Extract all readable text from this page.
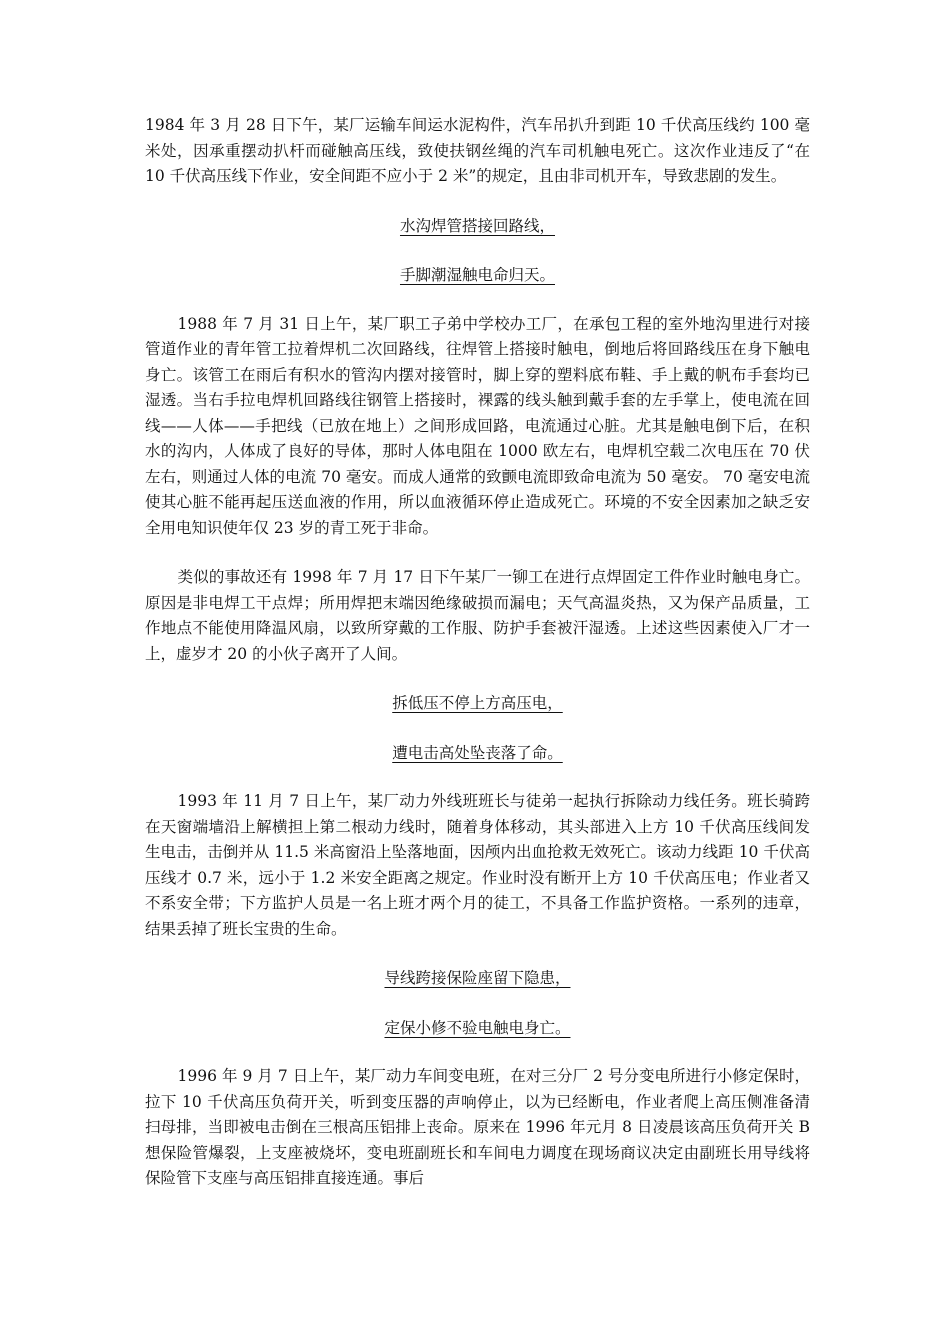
1984 年 3 月 28 日下午，某厂运输车间运水泥构件，汽车吊扒升到距 10 千伏高压线约 100 毫米处，因承重摆动扒杆而碰触高压线，致使扶钢丝绳的汽车司机触电死亡。这次作业违反了“在 10 千伏高压线下作业，安全间距不应小于 2 米”的规定，且由非司机开车，导致悲剧的发生。

水沟焊管搭接回路线，

手脚潮湿触电命归天。

1988 年 7 月 31 日上午，某厂职工子弟中学校办工厂，在承包工程的室外地沟里进行对接管道作业的青年管工拉着焊机二次回路线，往焊管上搭接时触电，倒地后将回路线压在身下触电身亡。该管工在雨后有积水的管沟内摆对接管时，脚上穿的塑料底布鞋、手上戴的帆布手套均已湿透。当右手拉电焊机回路线往钢管上搭接时，裸露的线头触到戴手套的左手掌上，使电流在回线——人体——手把线（已放在地上）之间形成回路，电流通过心脏。尤其是触电倒下后，在积水的沟内，人体成了良好的导体，那时人体电阻在 1000 欧左右，电焊机空载二次电压在 70 伏左右，则通过人体的电流 70 毫安。而成人通常的致颤电流即致命电流为 50 毫安。 70 毫安电流使其心脏不能再起压送血液的作用，所以血液循环停止造成死亡。环境的不安全因素加之缺乏安全用电知识使年仅 23 岁的青工死于非命。

类似的事故还有 1998 年 7 月 17 日下午某厂一铆工在进行点焊固定工件作业时触电身亡。原因是非电焊工干点焊；所用焊把末端因绝缘破损而漏电；天气高温炎热，又为保产品质量，工作地点不能使用降温风扇，以致所穿戴的工作服、防护手套被汗湿透。上述这些因素使入厂才一上，虚岁才 20 的小伙子离开了人间。

拆低压不停上方高压电，

遭电击高处坠丧落了命。

1993 年 11 月 7 日上午，某厂动力外线班班长与徒弟一起执行拆除动力线任务。班长骑跨在天窗端墙沿上解横担上第二根动力线时，随着身体移动，其头部进入上方 10 千伏高压线间发生电击，击倒并从 11.5 米高窗沿上坠落地面，因颅内出血抢救无效死亡。该动力线距 10 千伏高压线才 0.7 米，远小于 1.2 米安全距离之规定。作业时没有断开上方 10 千伏高压电；作业者又不系安全带；下方监护人员是一名上班才两个月的徒工，不具备工作监护资格。一系列的违章，结果丢掉了班长宝贵的生命。

导线跨接保险座留下隐患，

定保小修不验电触电身亡。

1996 年 9 月 7 日上午，某厂动力车间变电班，在对三分厂 2 号分变电所进行小修定保时，拉下 10 千伏高压负荷开关，听到变压器的声响停止，以为已经断电，作业者爬上高压侧准备清扫母排，当即被电击倒在三根高压铝排上丧命。原来在 1996 年元月 8 日凌晨该高压负荷开关 B 想保险管爆裂，上支座被烧坏，变电班副班长和车间电力调度在现场商议决定由副班长用导线将保险管下支座与高压铝排直接连通。事后
